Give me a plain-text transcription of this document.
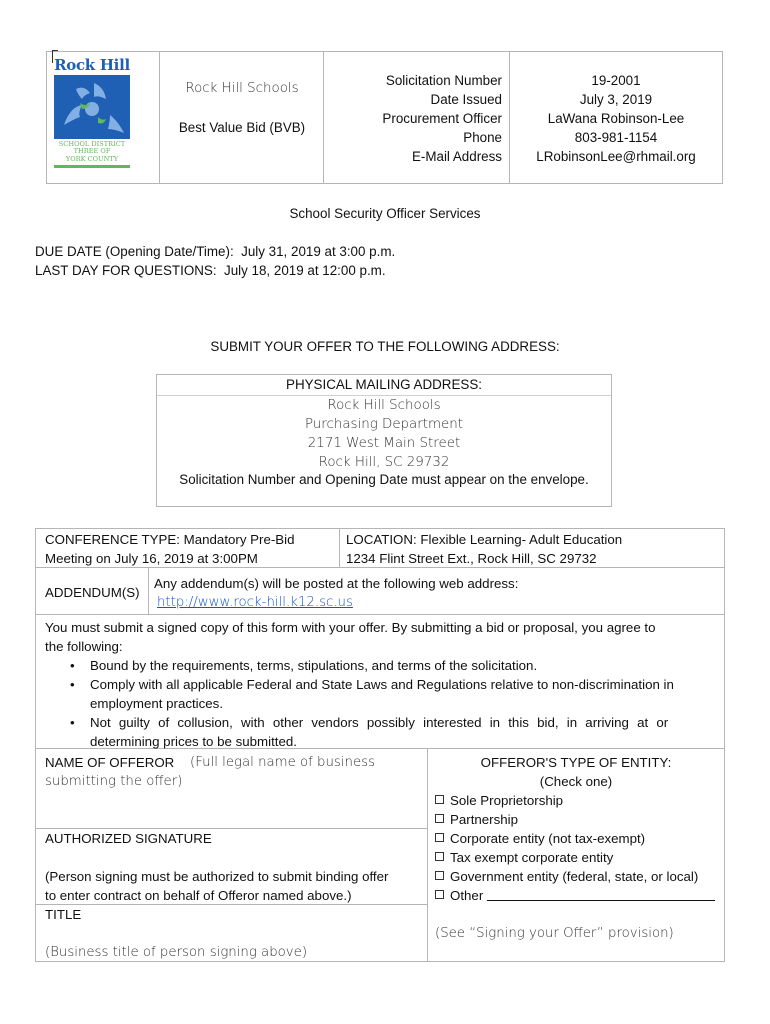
Rock Hill
SCHOOL DISTRICT
THREE OF
YORK COUNTY
Rock Hill Schools
Best Value Bid (BVB)
Solicitation Number
Date Issued
Procurement Officer
Phone
E-Mail Address
19-2001
July 3, 2019
LaWana Robinson-Lee
803-981-1154
LRobinsonLee@rhmail.org
School Security Officer Services
DUE DATE (Opening Date/Time):  July 31, 2019 at 3:00 p.m.
LAST DAY FOR QUESTIONS:  July 18, 2019 at 12:00 p.m.
SUBMIT YOUR OFFER TO THE FOLLOWING ADDRESS:
PHYSICAL MAILING ADDRESS:
Rock Hill Schools
Purchasing Department
2171 West Main Street
Rock Hill, SC 29732
Solicitation Number and Opening Date must appear on the envelope.
CONFERENCE TYPE: Mandatory Pre-Bid
Meeting on July 16, 2019 at 3:00PM
LOCATION: Flexible Learning- Adult Education
1234 Flint Street Ext., Rock Hill, SC 29732
ADDENDUM(S)
Any addendum(s) will be posted at the following web address:
http://www.rock-hill.k12.sc.us
You must submit a signed copy of this form with your offer. By submitting a bid or proposal, you agree to
the following:
• Bound by the requirements, terms, stipulations, and terms of the solicitation.
• Comply with all applicable Federal and State Laws and Regulations relative to non-discrimination in
employment practices.
• Not guilty of collusion, with other vendors possibly interested in this bid, in arriving at or
determining prices to be submitted.
NAME OF OFFEROR (Full legal name of business
submitting the offer)
AUTHORIZED SIGNATURE
(Person signing must be authorized to submit binding offer
to enter contract on behalf of Offeror named above.)
TITLE
(Business title of person signing above)
OFFEROR'S TYPE OF ENTITY:
(Check one)
Sole Proprietorship
Partnership
Corporate entity (not tax-exempt)
Tax exempt corporate entity
Government entity (federal, state, or local)
Other
(See “Signing your Offer” provision)
